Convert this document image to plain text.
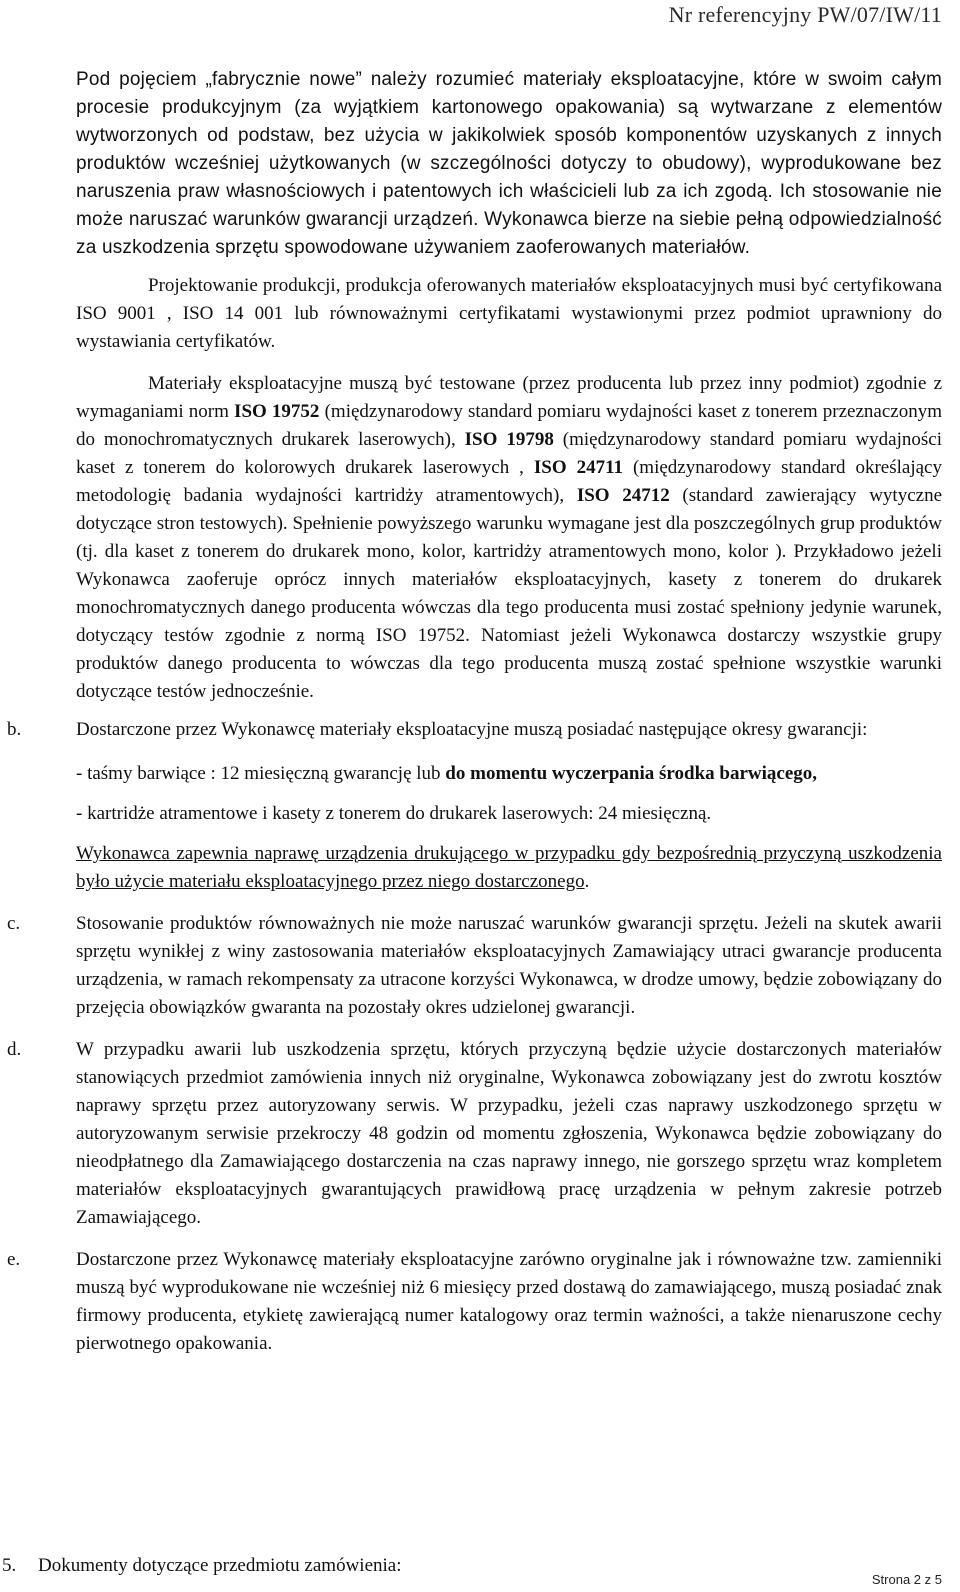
Nr referencyjny PW/07/IW/11

Pod pojęciem „fabrycznie nowe” należy rozumieć materiały eksploatacyjne, które w swoim całym procesie produkcyjnym (za wyjątkiem kartonowego opakowania) są wytwarzane z elementów wytworzonych od podstaw, bez użycia w jakikolwiek sposób komponentów uzyskanych z innych produktów wcześniej użytkowanych (w szczególności dotyczy to obudowy), wyprodukowane bez naruszenia praw własnościowych i patentowych ich właścicieli lub za ich zgodą. Ich stosowanie nie może naruszać warunków gwarancji urządzeń. Wykonawca bierze na siebie pełną odpowiedzialność za uszkodzenia sprzętu spowodowane używaniem zaoferowanych materiałów.

Projektowanie produkcji, produkcja oferowanych materiałów eksploatacyjnych musi być certyfikowana ISO 9001 , ISO 14 001 lub równoważnymi certyfikatami wystawionymi przez podmiot uprawniony do wystawiania certyfikatów.

Materiały eksploatacyjne muszą być testowane (przez producenta lub przez inny podmiot) zgodnie z wymaganiami norm ISO 19752 (międzynarodowy standard pomiaru wydajności kaset z tonerem przeznaczonym do monochromatycznych drukarek laserowych), ISO 19798 (międzynarodowy standard pomiaru wydajności kaset z tonerem do kolorowych drukarek laserowych , ISO 24711 (międzynarodowy standard określający metodologię badania wydajności kartridży atramentowych), ISO 24712 (standard zawierający wytyczne dotyczące stron testowych). Spełnienie powyższego warunku wymagane jest dla poszczególnych grup produktów (tj. dla kaset z tonerem do drukarek mono, kolor, kartridży atramentowych mono, kolor ). Przykładowo jeżeli Wykonawca zaoferuje oprócz innych materiałów eksploatacyjnych, kasety z tonerem do drukarek monochromatycznych danego producenta wówczas dla tego producenta musi zostać spełniony jedynie warunek, dotyczący testów zgodnie z normą ISO 19752. Natomiast jeżeli Wykonawca dostarczy wszystkie grupy produktów danego producenta to wówczas dla tego producenta muszą zostać spełnione wszystkie warunki dotyczące testów jednocześnie.

b.	Dostarczone przez Wykonawcę materiały eksploatacyjne muszą posiadać następujące okresy gwarancji:

- taśmy barwiące : 12 miesięczną gwarancję lub do momentu wyczerpania środka barwiącego,

- kartridże atramentowe i kasety z tonerem do drukarek laserowych: 24 miesięczną.

Wykonawca zapewnia naprawę urządzenia drukującego w przypadku gdy bezpośrednią przyczyną uszkodzenia było użycie materiału eksploatacyjnego przez niego dostarczonego.

c.	Stosowanie produktów równoważnych nie może naruszać warunków gwarancji sprzętu. Jeżeli na skutek awarii sprzętu wynikłej z winy zastosowania materiałów eksploatacyjnych Zamawiający utraci gwarancje producenta urządzenia, w ramach rekompensaty za utracone korzyści Wykonawca, w drodze umowy, będzie zobowiązany do przejęcia obowiązków gwaranta na pozostały okres udzielonej gwarancji.

d.	W przypadku awarii lub uszkodzenia sprzętu, których przyczyną będzie użycie dostarczonych materiałów stanowiących przedmiot zamówienia innych niż oryginalne, Wykonawca zobowiązany jest do zwrotu kosztów naprawy sprzętu przez autoryzowany serwis. W przypadku, jeżeli czas naprawy uszkodzonego sprzętu w autoryzowanym serwisie przekroczy 48 godzin od momentu zgłoszenia, Wykonawca będzie zobowiązany do nieodpłatnego dla Zamawiającego dostarczenia na czas naprawy innego, nie gorszego sprzętu wraz kompletem materiałów eksploatacyjnych gwarantujących prawidłową pracę urządzenia w pełnym zakresie potrzeb Zamawiającego.

e.	Dostarczone przez Wykonawcę materiały eksploatacyjne zarówno oryginalne jak i równoważne tzw. zamienniki muszą być wyprodukowane nie wcześniej niż 6 miesięcy przed dostawą do zamawiającego, muszą posiadać znak firmowy producenta, etykietę zawierającą numer katalogowy oraz termin ważności, a także nienaruszone cechy pierwotnego opakowania.

5. Dokumenty dotyczące przedmiotu zamówienia:
Strona 2 z 5
